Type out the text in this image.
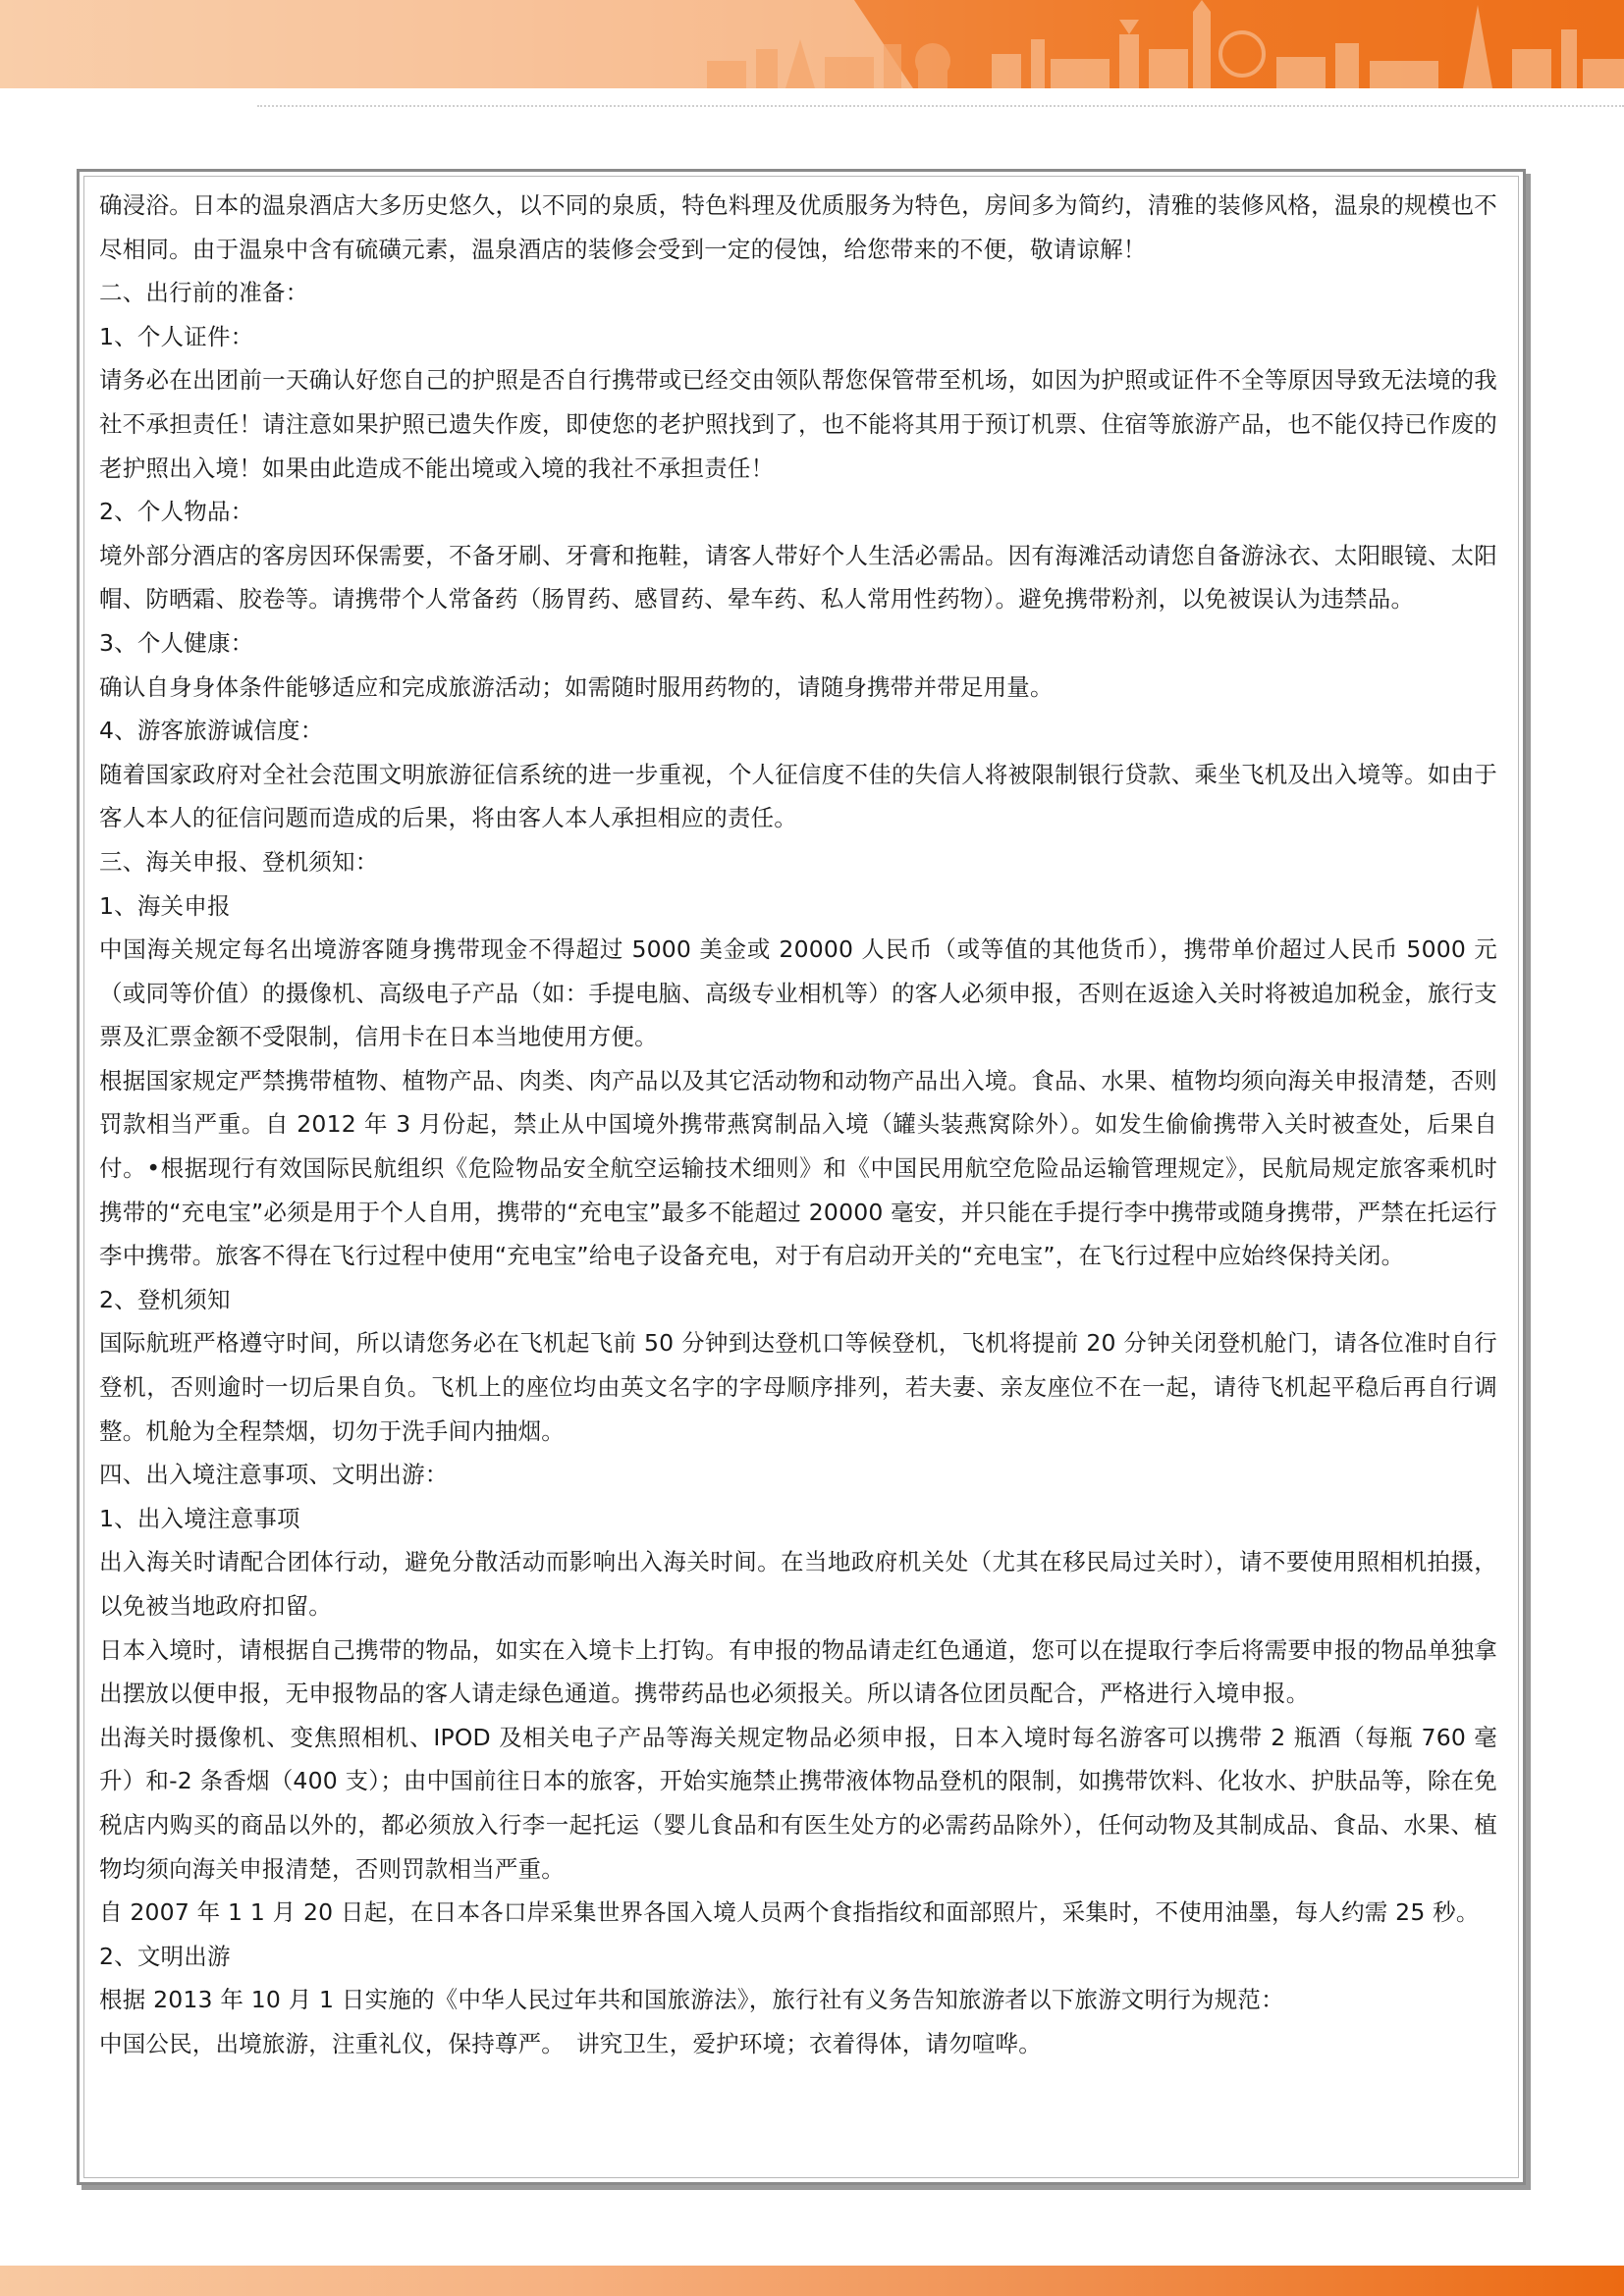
确浸浴。日本的温泉酒店大多历史悠久，以不同的泉质，特色料理及优质服务为特色，房间多为简约，清雅的装修风格，温泉的规模也不尽相同。由于温泉中含有硫磺元素，温泉酒店的装修会受到一定的侵蚀，给您带来的不便，敬请谅解！

二、出行前的准备：

1、个人证件：

请务必在出团前一天确认好您自己的护照是否自行携带或已经交由领队帮您保管带至机场，如因为护照或证件不全等原因导致无法境的我社不承担责任！请注意如果护照已遗失作废，即使您的老护照找到了，也不能将其用于预订机票、住宿等旅游产品，也不能仅持已作废的老护照出入境！如果由此造成不能出境或入境的我社不承担责任！

2、个人物品：

境外部分酒店的客房因环保需要，不备牙刷、牙膏和拖鞋，请客人带好个人生活必需品。因有海滩活动请您自备游泳衣、太阳眼镜、太阳帽、防晒霜、胶卷等。请携带个人常备药（肠胃药、感冒药、晕车药、私人常用性药物）。避免携带粉剂，以免被误认为违禁品。

3、个人健康：

确认自身身体条件能够适应和完成旅游活动；如需随时服用药物的，请随身携带并带足用量。

4、游客旅游诚信度：

随着国家政府对全社会范围文明旅游征信系统的进一步重视，个人征信度不佳的失信人将被限制银行贷款、乘坐飞机及出入境等。如由于客人本人的征信问题而造成的后果，将由客人本人承担相应的责任。

三、海关申报、登机须知：

1、海关申报

中国海关规定每名出境游客随身携带现金不得超过 5000 美金或 20000 人民币（或等值的其他货币），携带单价超过人民币 5000 元（或同等价值）的摄像机、高级电子产品（如：手提电脑、高级专业相机等）的客人必须申报，否则在返途入关时将被追加税金，旅行支票及汇票金额不受限制，信用卡在日本当地使用方便。

根据国家规定严禁携带植物、植物产品、肉类、肉产品以及其它活动物和动物产品出入境。食品、水果、植物均须向海关申报清楚，否则罚款相当严重。自 2012 年 3 月份起，禁止从中国境外携带燕窝制品入境（罐头装燕窝除外）。如发生偷偷携带入关时被查处，后果自付。•根据现行有效国际民航组织《危险物品安全航空运输技术细则》和《中国民用航空危险品运输管理规定》，民航局规定旅客乘机时携带的“充电宝”必须是用于个人自用，携带的“充电宝”最多不能超过 20000 毫安，并只能在手提行李中携带或随身携带，严禁在托运行李中携带。旅客不得在飞行过程中使用“充电宝”给电子设备充电，对于有启动开关的“充电宝”，在飞行过程中应始终保持关闭。

2、登机须知

国际航班严格遵守时间，所以请您务必在飞机起飞前 50 分钟到达登机口等候登机，飞机将提前 20 分钟关闭登机舱门，请各位准时自行登机，否则逾时一切后果自负。飞机上的座位均由英文名字的字母顺序排列，若夫妻、亲友座位不在一起，请待飞机起平稳后再自行调整。机舱为全程禁烟，切勿于洗手间内抽烟。

四、出入境注意事项、文明出游：

1、出入境注意事项

出入海关时请配合团体行动，避免分散活动而影响出入海关时间。在当地政府机关处（尤其在移民局过关时），请不要使用照相机拍摄，以免被当地政府扣留。

日本入境时，请根据自己携带的物品，如实在入境卡上打钩。有申报的物品请走红色通道，您可以在提取行李后将需要申报的物品单独拿出摆放以便申报，无申报物品的客人请走绿色通道。携带药品也必须报关。所以请各位团员配合，严格进行入境申报。

出海关时摄像机、变焦照相机、IPOD 及相关电子产品等海关规定物品必须申报，日本入境时每名游客可以携带 2 瓶酒（每瓶 760 毫升）和-2 条香烟（400 支）；由中国前往日本的旅客，开始实施禁止携带液体物品登机的限制，如携带饮料、化妆水、护肤品等，除在免税店内购买的商品以外的，都必须放入行李一起托运（婴儿食品和有医生处方的必需药品除外），任何动物及其制成品、食品、水果、植物均须向海关申报清楚，否则罚款相当严重。

自 2007 年 1 1 月 20 日起，在日本各口岸采集世界各国入境人员两个食指指纹和面部照片，采集时，不使用油墨，每人约需 25 秒。

2、文明出游

根据 2013 年 10 月 1 日实施的《中华人民过年共和国旅游法》，旅行社有义务告知旅游者以下旅游文明行为规范：

中国公民，出境旅游，注重礼仪，保持尊严。　讲究卫生，爱护环境；衣着得体，请勿喧哗。
